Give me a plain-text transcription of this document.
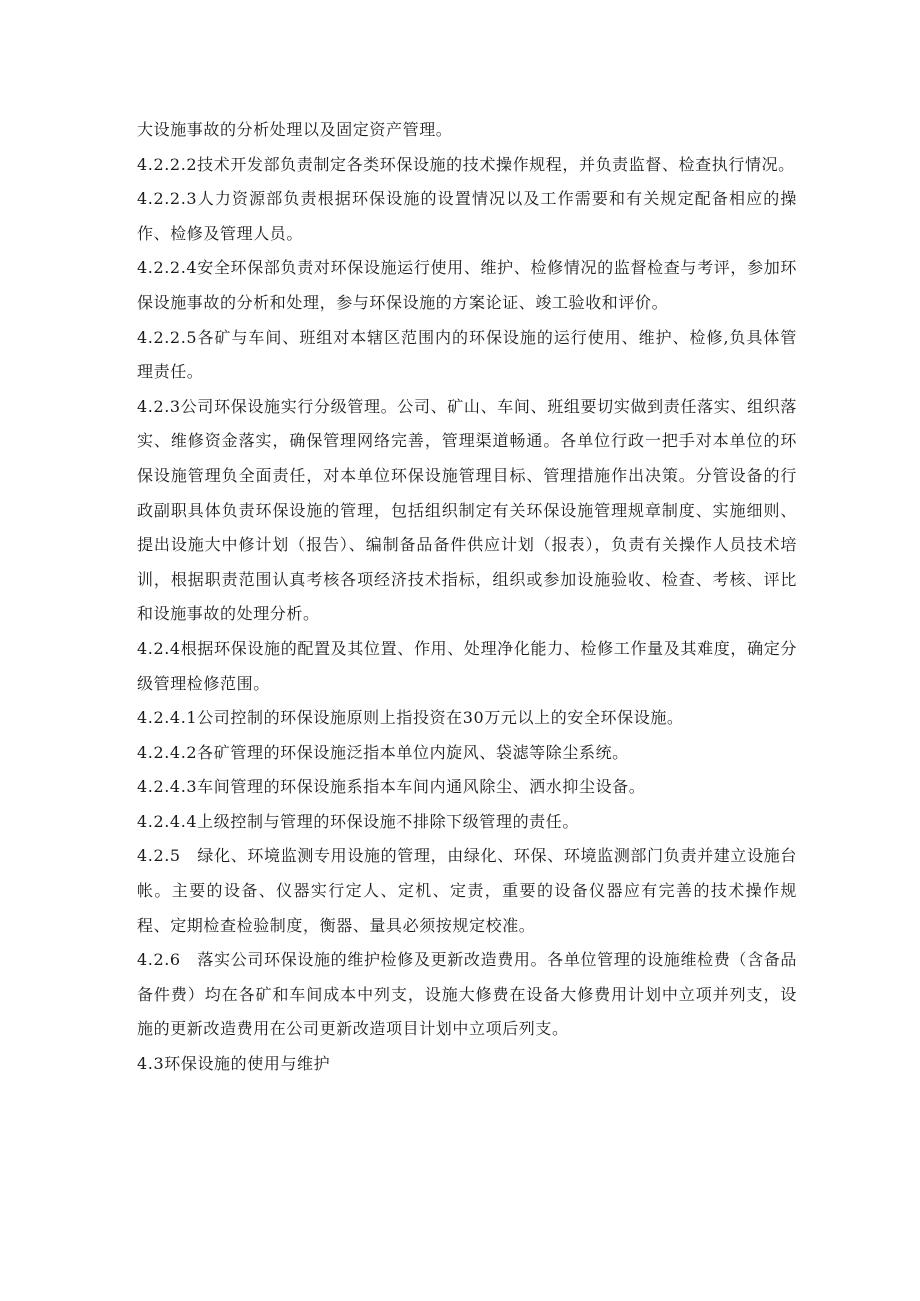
大设施事故的分析处理以及固定资产管理。

4.2.2.2技术开发部负责制定各类环保设施的技术操作规程，并负责监督、检查执行情况。

4.2.2.3人力资源部负责根据环保设施的设置情况以及工作需要和有关规定配备相应的操作、检修及管理人员。

4.2.2.4安全环保部负责对环保设施运行使用、维护、检修情况的监督检查与考评，参加环保设施事故的分析和处理，参与环保设施的方案论证、竣工验收和评价。

4.2.2.5各矿与车间、班组对本辖区范围内的环保设施的运行使用、维护、检修,负具体管理责任。

4.2.3公司环保设施实行分级管理。公司、矿山、车间、班组要切实做到责任落实、组织落实、维修资金落实，确保管理网络完善，管理渠道畅通。各单位行政一把手对本单位的环保设施管理负全面责任，对本单位环保设施管理目标、管理措施作出决策。分管设备的行政副职具体负责环保设施的管理，包括组织制定有关环保设施管理规章制度、实施细则、提出设施大中修计划（报告）、编制备品备件供应计划（报表），负责有关操作人员技术培训，根据职责范围认真考核各项经济技术指标，组织或参加设施验收、检查、考核、评比和设施事故的处理分析。

4.2.4根据环保设施的配置及其位置、作用、处理净化能力、检修工作量及其难度，确定分级管理检修范围。

4.2.4.1公司控制的环保设施原则上指投资在30万元以上的安全环保设施。

4.2.4.2各矿管理的环保设施泛指本单位内旋风、袋滤等除尘系统。

4.2.4.3车间管理的环保设施系指本车间内通风除尘、洒水抑尘设备。

4.2.4.4上级控制与管理的环保设施不排除下级管理的责任。

4.2.5　绿化、环境监测专用设施的管理，由绿化、环保、环境监测部门负责并建立设施台帐。主要的设备、仪器实行定人、定机、定责，重要的设备仪器应有完善的技术操作规程、定期检查检验制度，衡器、量具必须按规定校准。

4.2.6　落实公司环保设施的维护检修及更新改造费用。各单位管理的设施维检费（含备品备件费）均在各矿和车间成本中列支，设施大修费在设备大修费用计划中立项并列支，设施的更新改造费用在公司更新改造项目计划中立项后列支。

4.3环保设施的使用与维护
